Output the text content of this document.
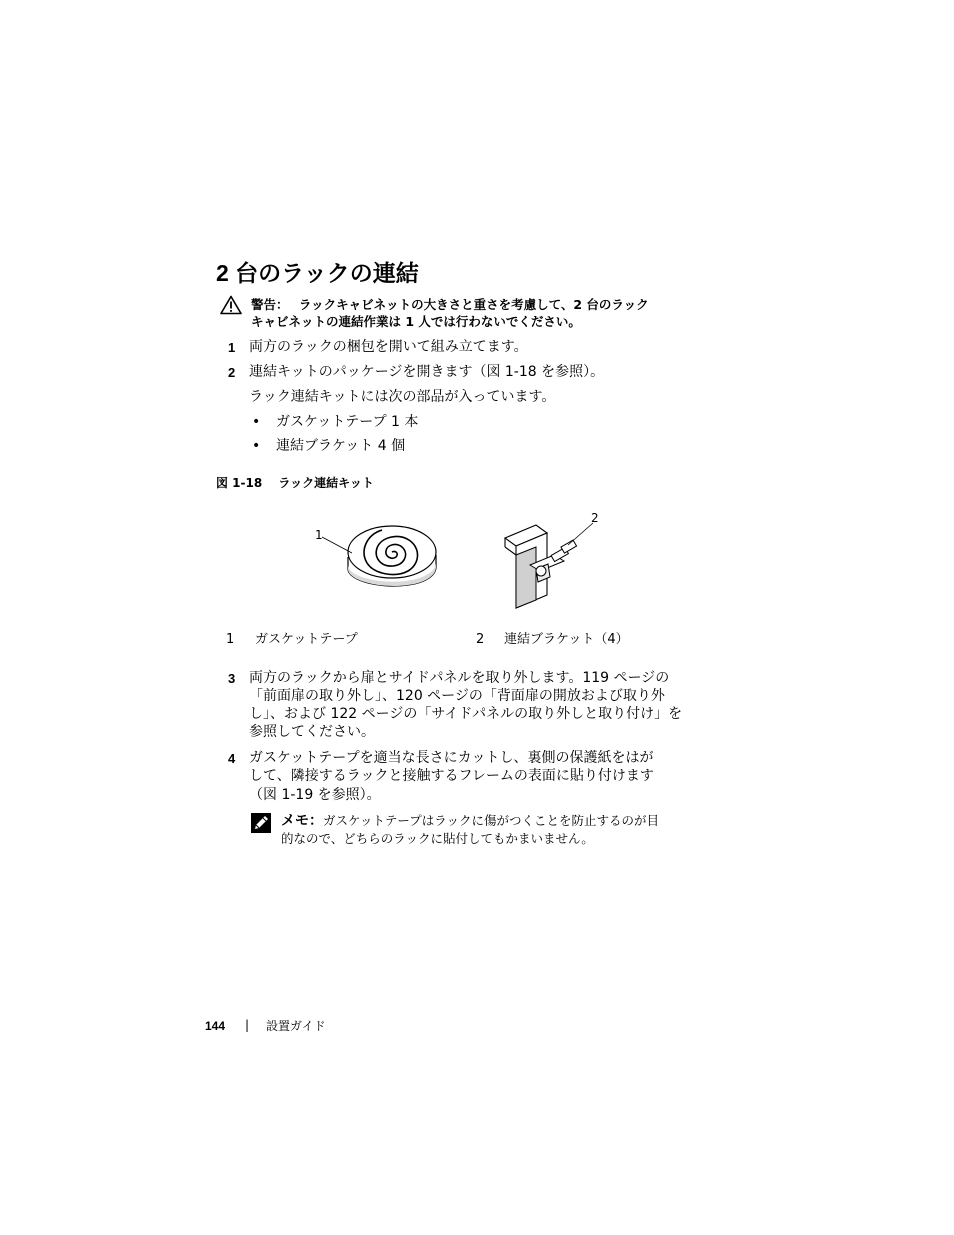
2 台のラックの連結
警告： ラックキャビネットの大きさと重さを考慮して、2 台のラック
キャビネットの連結作業は 1 人では行わないでください。
1 両方のラックの梱包を開いて組み立てます。
2 連結キットのパッケージを開きます（図 1-18 を参照）。
ラック連結キットには次の部品が入っています。
• ガスケットテープ 1 本
• 連結ブラケット 4 個
図 1-18 ラック連結キット
1
2
1 ガスケットテープ	2 連結ブラケット（4）
3 両方のラックから扉とサイドパネルを取り外します。119 ページの
「前面扉の取り外し」、120 ページの「背面扉の開放および取り外
し」、および 122 ページの「サイドパネルの取り外しと取り付け」を
参照してください。
4 ガスケットテープを適当な長さにカットし、裏側の保護紙をはが
して、隣接するラックと接触するフレームの表面に貼り付けます
（図 1-19 を参照）。
メモ：ガスケットテープはラックに傷がつくことを防止するのが目
的なので、どちらのラックに貼付してもかまいません。
144 | 設置ガイド
